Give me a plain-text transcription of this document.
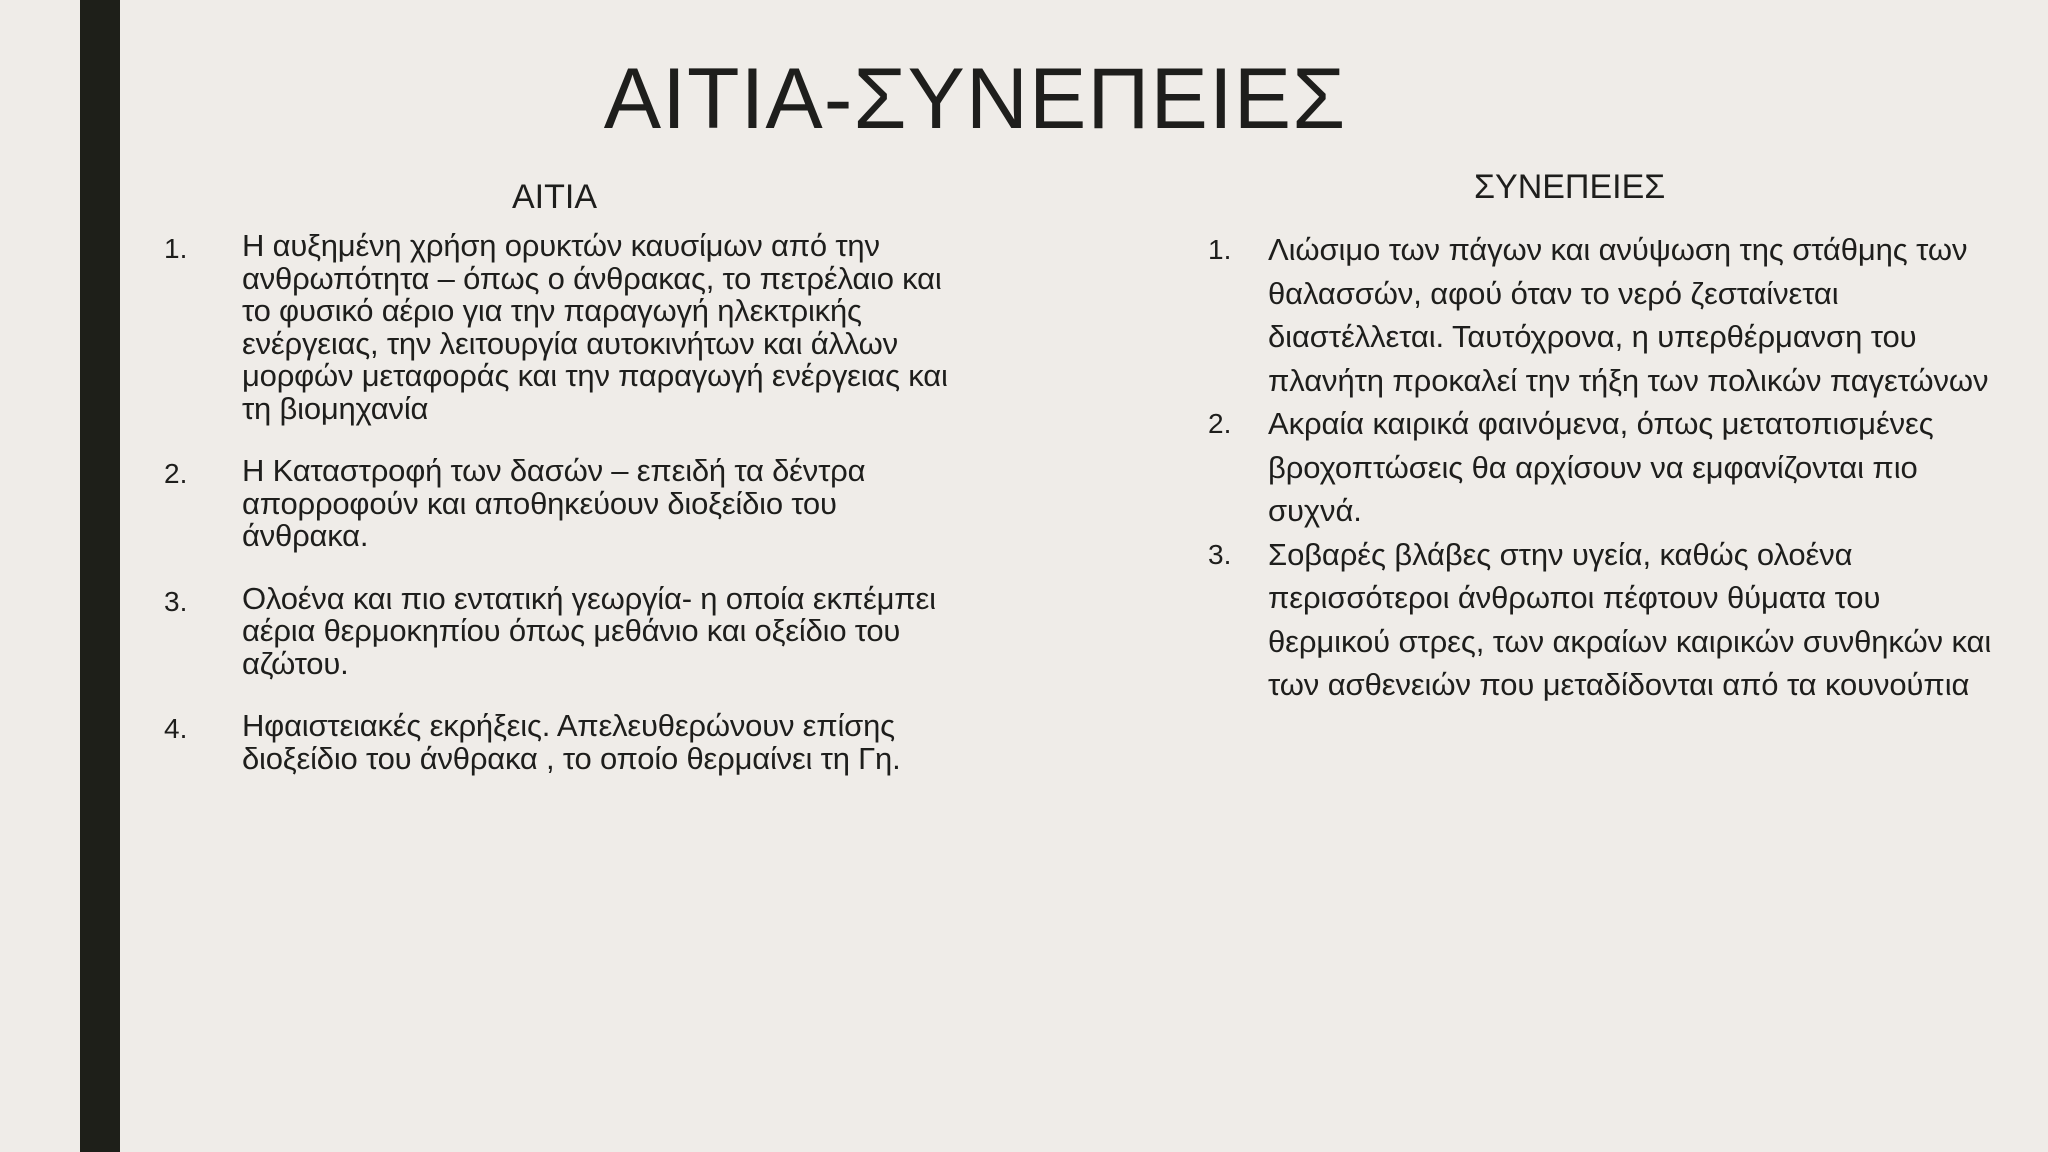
ΑΙΤΙΑ-ΣΥΝΕΠΕΙΕΣ
ΑΙΤΙΑ
1. Η αυξημένη χρήση ορυκτών καυσίμων από την ανθρωπότητα – όπως ο άνθρακας, το πετρέλαιο και το φυσικό αέριο για την παραγωγή ηλεκτρικής ενέργειας, την λειτουργία αυτοκινήτων και άλλων μορφών μεταφοράς και την παραγωγή ενέργειας και τη βιομηχανία
2. Η Καταστροφή των δασών – επειδή τα δέντρα απορροφούν και αποθηκεύουν διοξείδιο του άνθρακα.
3. Ολοένα και πιο εντατική γεωργία- η οποία εκπέμπει αέρια θερμοκηπίου όπως μεθάνιο και οξείδιο του αζώτου.
4. Ηφαιστειακές εκρήξεις. Απελευθερώνουν επίσης διοξείδιο του άνθρακα , το οποίο θερμαίνει τη Γη.
ΣΥΝΕΠΕΙΕΣ
1. Λιώσιμο των πάγων και ανύψωση της στάθμης των θαλασσών, αφού όταν το νερό ζεσταίνεται διαστέλλεται. Ταυτόχρονα, η υπερθέρμανση του πλανήτη προκαλεί την τήξη των πολικών παγετώνων
2. Ακραία καιρικά φαινόμενα, όπως μετατοπισμένες βροχοπτώσεις θα αρχίσουν να εμφανίζονται πιο συχνά.
3. Σοβαρές βλάβες στην υγεία, καθώς ολοένα περισσότεροι άνθρωποι πέφτουν θύματα του θερμικού στρες, των ακραίων καιρικών συνθηκών και των ασθενειών που μεταδίδονται από τα κουνούπια
